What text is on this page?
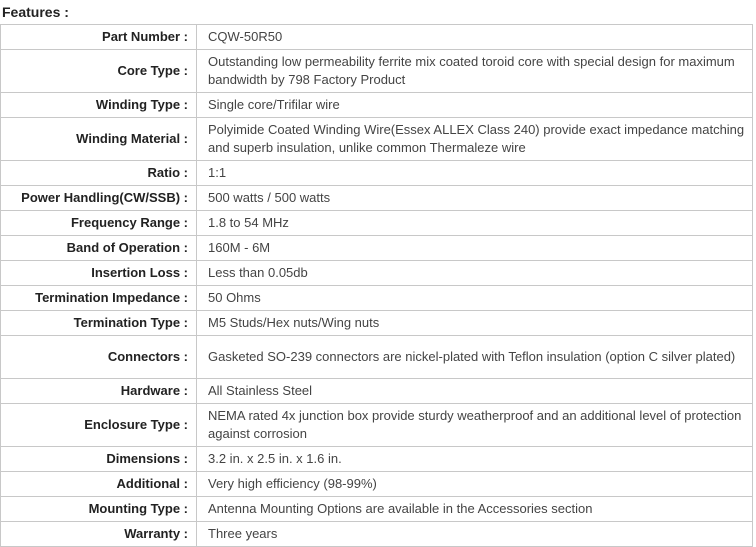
Features :
Part Number :	CQW-50R50
Core Type :	Outstanding low permeability ferrite mix coated toroid core with special design for maximum bandwidth by 798 Factory Product
Winding Type :	Single core/Trifilar wire
Winding Material :	Polyimide Coated Winding Wire(Essex ALLEX Class 240) provide exact impedance matching and superb insulation, unlike common Thermaleze wire
Ratio :	1:1
Power Handling(CW/SSB) :	500 watts / 500 watts
Frequency Range :	1.8 to 54 MHz
Band of Operation :	160M - 6M
Insertion Loss :	Less than 0.05db
Termination Impedance :	50 Ohms
Termination Type :	M5 Studs/Hex nuts/Wing nuts
Connectors :	Gasketed SO-239 connectors are nickel-plated with Teflon insulation (option C silver plated)
Hardware :	All Stainless Steel
Enclosure Type :	NEMA rated 4x junction box provide sturdy weatherproof and an additional level of protection against corrosion
Dimensions :	3.2 in. x 2.5 in. x 1.6 in.
Additional :	Very high efficiency (98-99%)
Mounting Type :	Antenna Mounting Options are available in the Accessories section
Warranty :	Three years
